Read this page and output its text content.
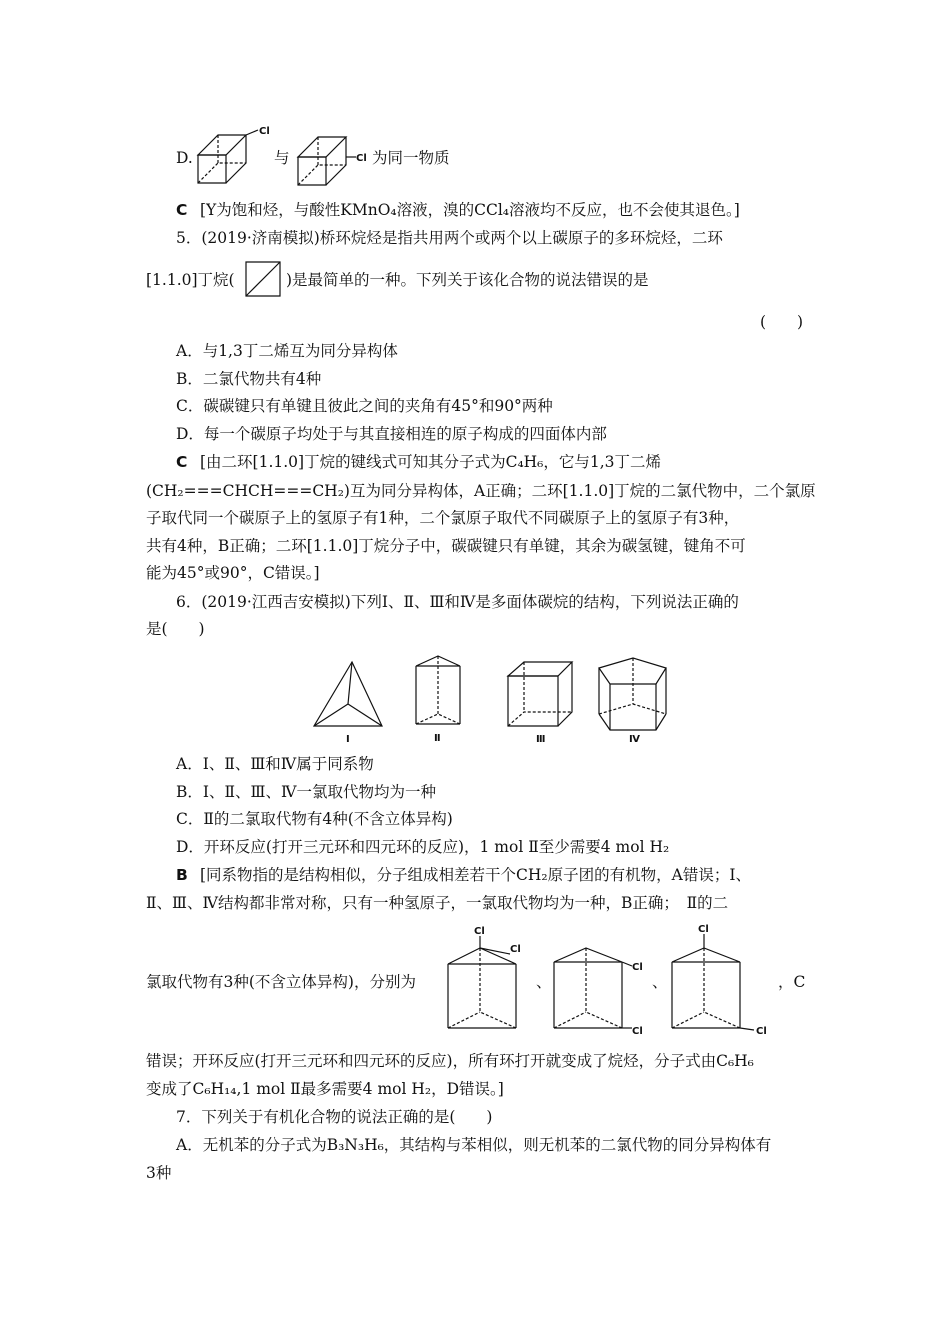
D.
Cl
与	Cl 为同一物质
C [Y为饱和烃，与酸性KMnO₄溶液，溴的CCl₄溶液均不反应，也不会使其退色。]
5．(2019·济南模拟)桥环烷烃是指共用两个或两个以上碳原子的多环烷烃，二环
[1.1.0]丁烷(	)是最简单的一种。下列关于该化合物的说法错误的是
(　　)
A．与1,3丁二烯互为同分异构体
B．二氯代物共有4种
C．碳碳键只有单键且彼此之间的夹角有45°和90°两种
D．每一个碳原子均处于与其直接相连的原子构成的四面体内部
C [由二环[1.1.0]丁烷的键线式可知其分子式为C₄H₆，它与1,3丁二烯
(CH₂===CHCH===CH₂)互为同分异构体，A正确；二环[1.1.0]丁烷的二氯代物中，二个氯原
子取代同一个碳原子上的氢原子有1种，二个氯原子取代不同碳原子上的氢原子有3种，
共有4种，B正确；二环[1.1.0]丁烷分子中，碳碳键只有单键，其余为碳氢键，键角不可
能为45°或90°，C错误。]
6．(2019·江西吉安模拟)下列Ⅰ、Ⅱ、Ⅲ和Ⅳ是多面体碳烷的结构，下列说法正确的
是(　　)
Ⅰ	Ⅱ	Ⅲ	Ⅳ
A．Ⅰ、Ⅱ、Ⅲ和Ⅳ属于同系物
B．Ⅰ、Ⅱ、Ⅲ、Ⅳ一氯取代物均为一种
C．Ⅱ的二氯取代物有4种(不含立体异构)
D．开环反应(打开三元环和四元环的反应)，1 mol Ⅱ至少需要4 mol H₂
B [同系物指的是结构相似，分子组成相差若干个CH₂原子团的有机物，A错误；Ⅰ、
Ⅱ、Ⅲ、Ⅳ结构都非常对称，只有一种氢原子，一氯取代物均为一种，B正确；　Ⅱ的二
氯取代物有3种(不含立体异构)，分别为
Cl
Cl
、
Cl
Cl
、
Cl
Cl
，C
错误；开环反应(打开三元环和四元环的反应)，所有环打开就变成了烷烃，分子式由C₆H₆
变成了C₆H₁₄,1 mol Ⅱ最多需要4 mol H₂，D错误。]
7．下列关于有机化合物的说法正确的是(　　)
A．无机苯的分子式为B₃N₃H₆，其结构与苯相似，则无机苯的二氯代物的同分异构体有
3种
